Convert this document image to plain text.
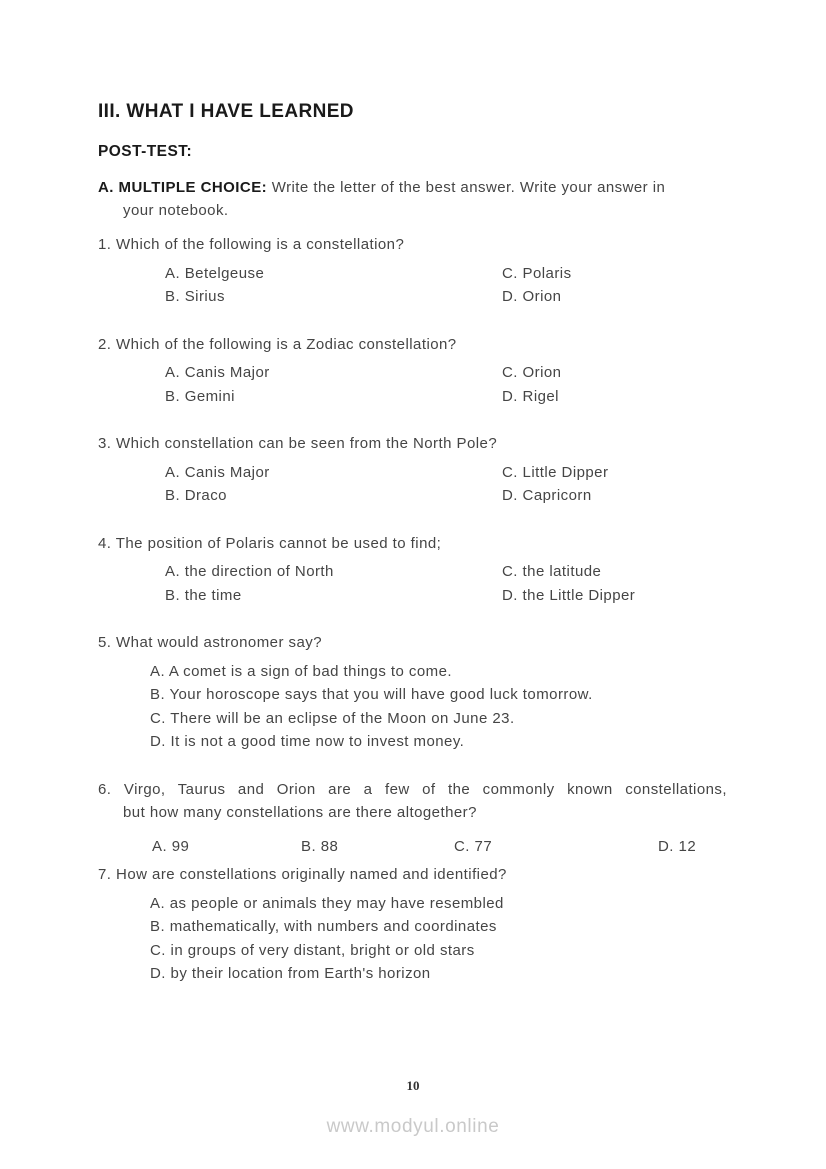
III. WHAT I HAVE LEARNED
POST-TEST:

A. MULTIPLE CHOICE: Write the letter of the best answer. Write your answer in
your notebook.

1. Which of the following is a constellation?

A. Betelgeuse	C. Polaris
B. Sirius	D. Orion

2. Which of the following is a Zodiac constellation?

A. Canis Major	C. Orion
B. Gemini	D. Rigel

3. Which constellation can be seen from the North Pole?

A. Canis Major	C. Little Dipper
B. Draco	D. Capricorn

4. The position of Polaris cannot be used to find;

A. the direction of North	C. the latitude
B. the time	D. the Little Dipper

5. What would astronomer say?

A. A comet is a sign of bad things to come.
B. Your horoscope says that you will have good luck tomorrow.
C. There will be an eclipse of the Moon on June 23.
D. It is not a good time now to invest money.

6. Virgo, Taurus and Orion are a few of the commonly known constellations,
but how many constellations are there altogether?

A. 99	B. 88	C. 77	D. 12

7. How are constellations originally named and identified?

A. as people or animals they may have resembled
B. mathematically, with numbers and coordinates
C. in groups of very distant, bright or old stars
D. by their location from Earth's horizon
10
www.modyul.online
